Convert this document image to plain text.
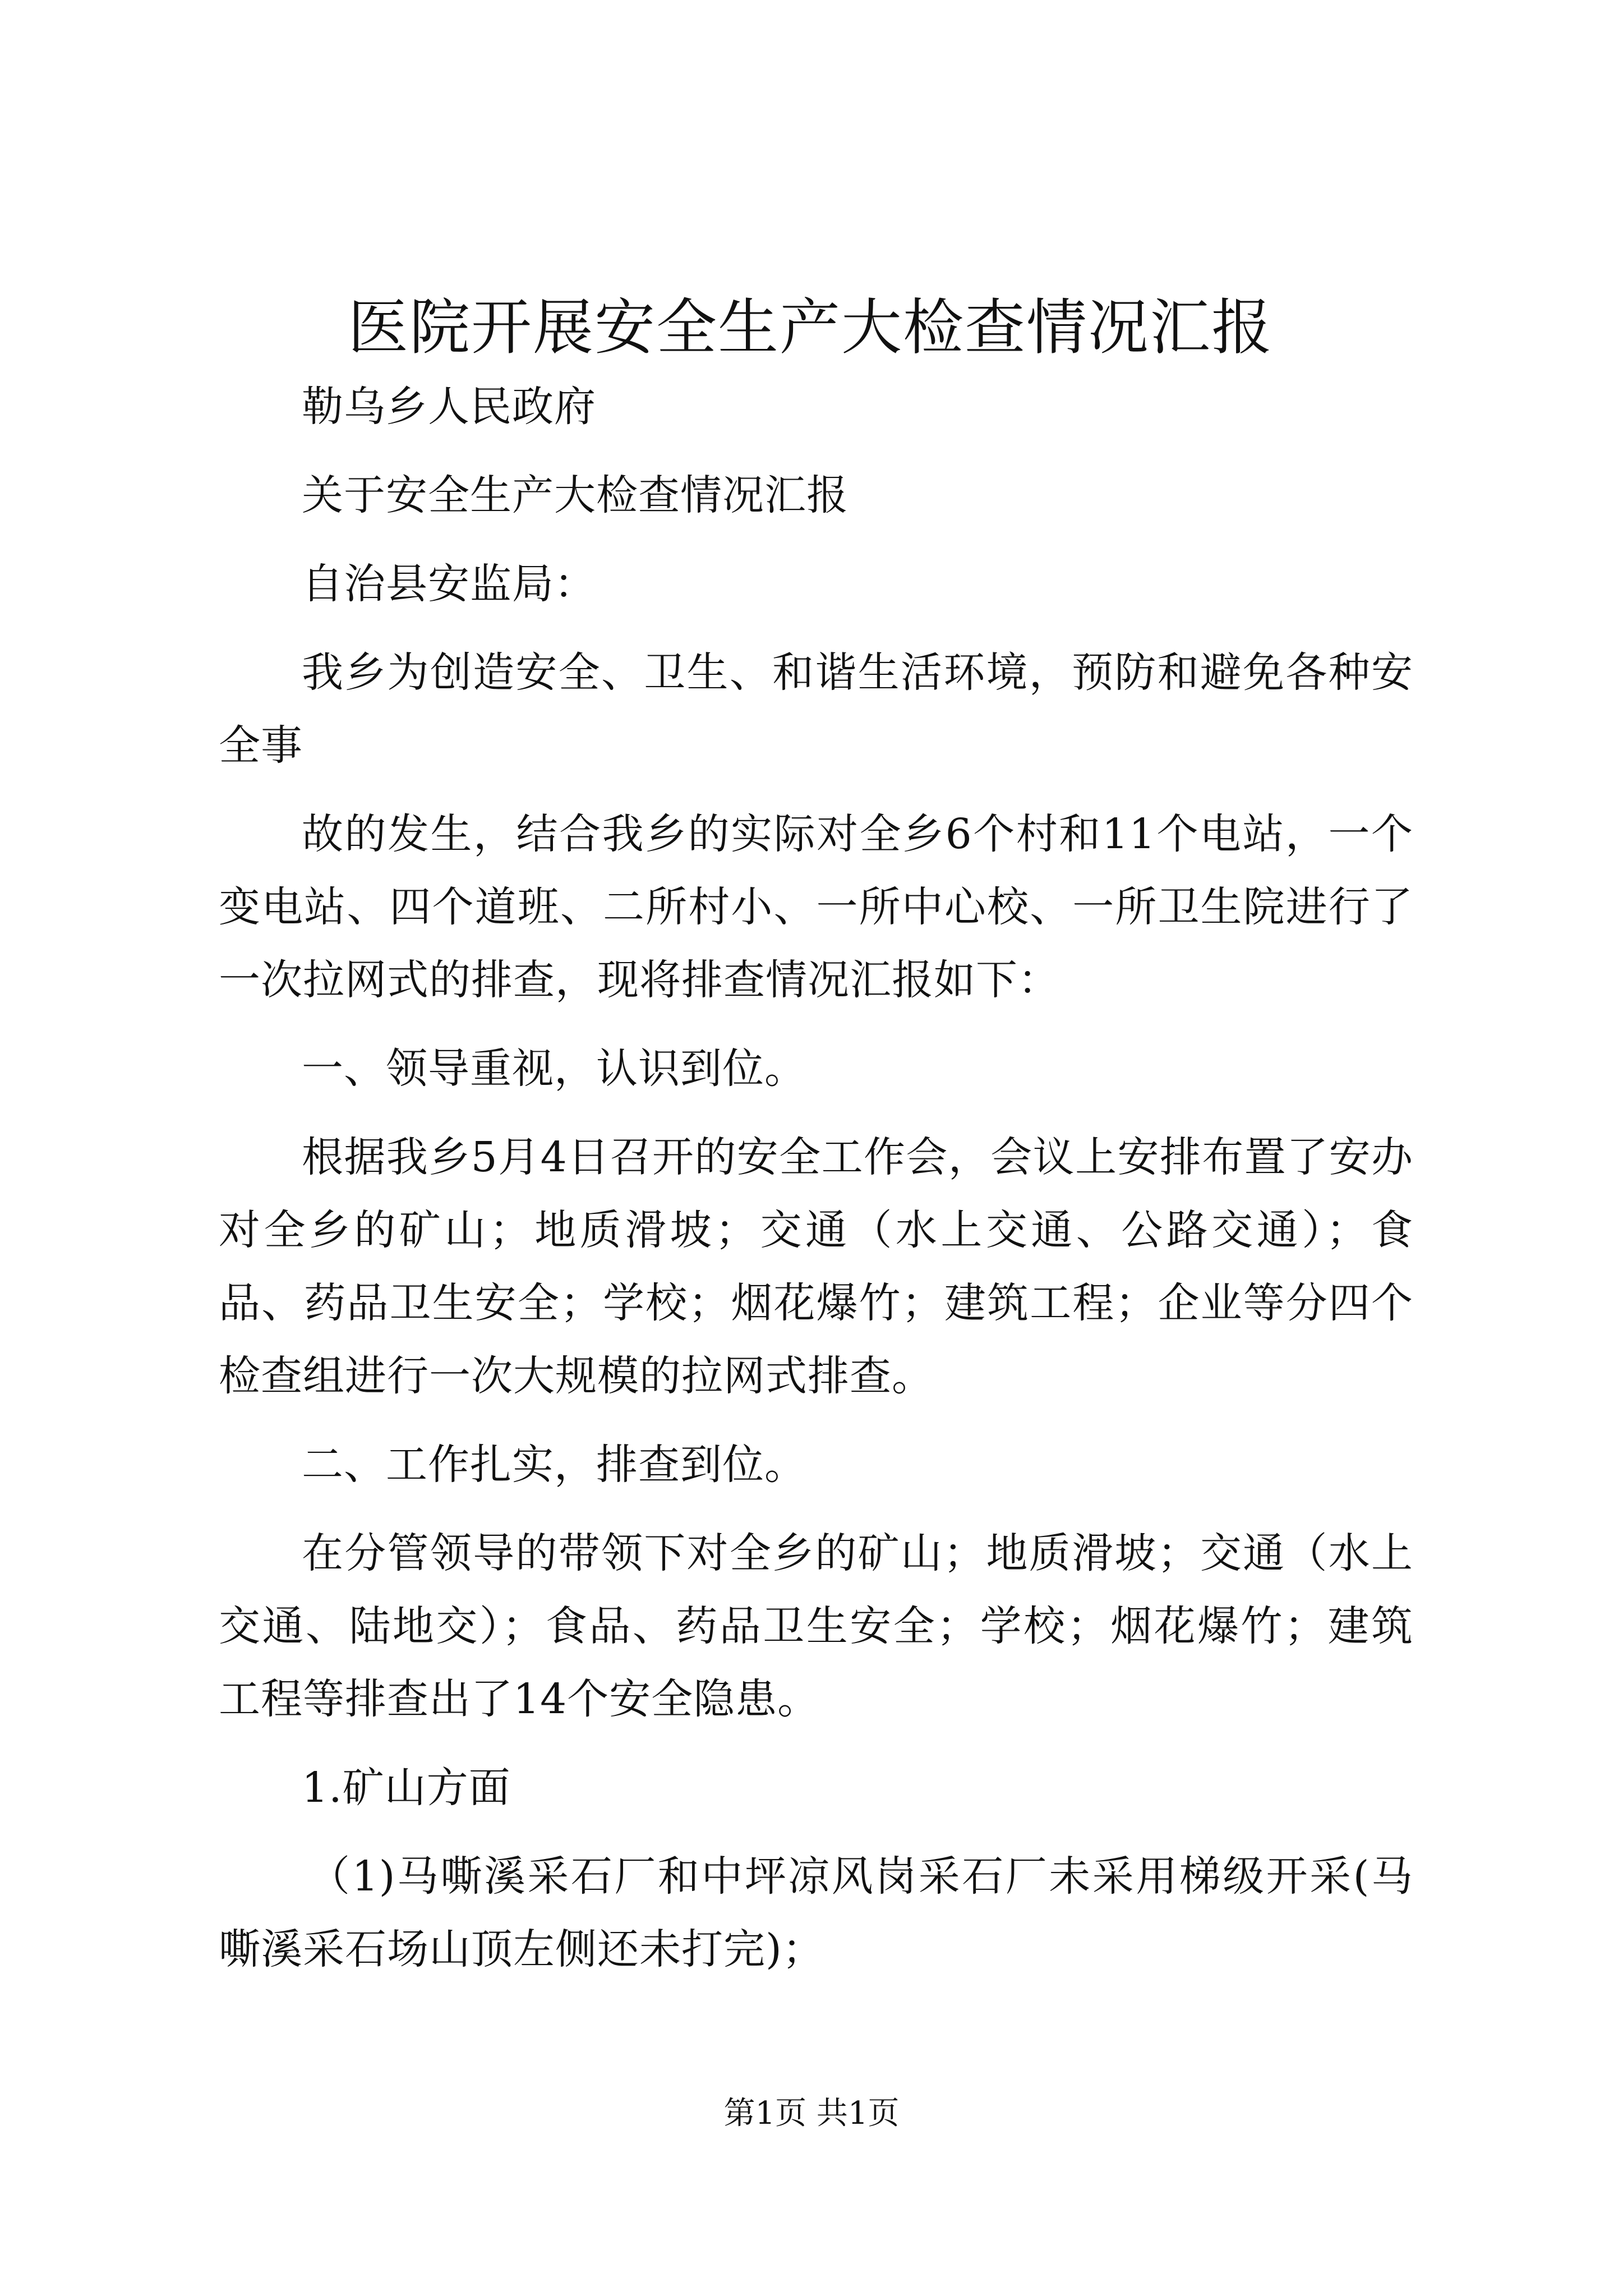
医院开展安全生产大检查情况汇报

勒乌乡人民政府

关于安全生产大检查情况汇报

自治县安监局：

我乡为创造安全、卫生、和谐生活环境，预防和避免各种安全事

故的发生，结合我乡的实际对全乡6个村和11个电站，一个变电站、四个道班、二所村小、一所中心校、一所卫生院进行了一次拉网式的排查，现将排查情况汇报如下：

一、领导重视，认识到位。

根据我乡5月4日召开的安全工作会，会议上安排布置了安办对全乡的矿山；地质滑坡；交通（水上交通、公路交通）；食品、药品卫生安全；学校；烟花爆竹；建筑工程；企业等分四个检查组进行一次大规模的拉网式排查。

二、工作扎实，排查到位。

在分管领导的带领下对全乡的矿山；地质滑坡；交通（水上交通、陆地交）；食品、药品卫生安全；学校；烟花爆竹；建筑工程等排查出了14个安全隐患。

1.矿山方面

（1)马嘶溪采石厂和中坪凉风岗采石厂未采用梯级开采(马嘶溪采石场山顶左侧还未打完)；

第1页 共1页
